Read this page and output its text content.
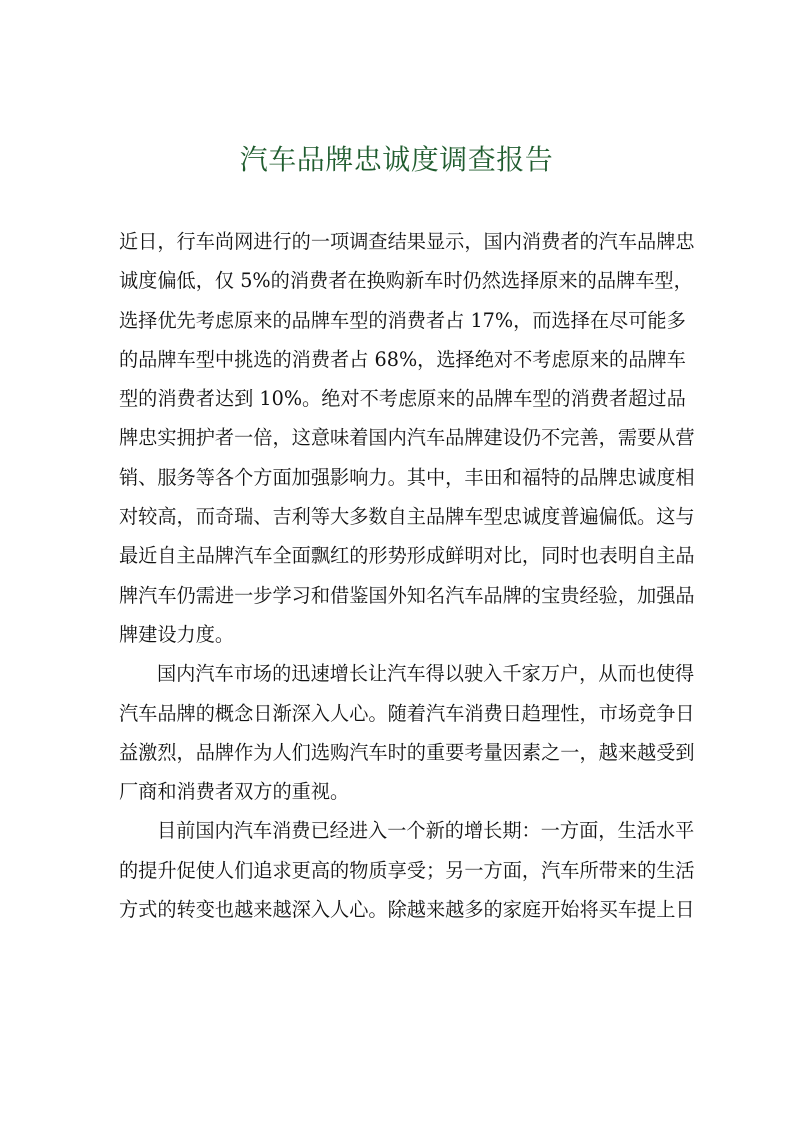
汽车品牌忠诚度调查报告

近日，行车尚网进行的一项调查结果显示，国内消费者的汽车品牌忠
诚度偏低，仅 5%的消费者在换购新车时仍然选择原来的品牌车型，
选择优先考虑原来的品牌车型的消费者占 17%，而选择在尽可能多
的品牌车型中挑选的消费者占 68%，选择绝对不考虑原来的品牌车
型的消费者达到 10%。绝对不考虑原来的品牌车型的消费者超过品
牌忠实拥护者一倍，这意味着国内汽车品牌建设仍不完善，需要从营
销、服务等各个方面加强影响力。其中，丰田和福特的品牌忠诚度相
对较高，而奇瑞、吉利等大多数自主品牌车型忠诚度普遍偏低。这与
最近自主品牌汽车全面飘红的形势形成鲜明对比，同时也表明自主品
牌汽车仍需进一步学习和借鉴国外知名汽车品牌的宝贵经验，加强品
牌建设力度。

国内汽车市场的迅速增长让汽车得以驶入千家万户，从而也使得
汽车品牌的概念日渐深入人心。随着汽车消费日趋理性，市场竞争日
益激烈，品牌作为人们选购汽车时的重要考量因素之一，越来越受到
厂商和消费者双方的重视。

目前国内汽车消费已经进入一个新的增长期：一方面，生活水平
的提升促使人们追求更高的物质享受；另一方面，汽车所带来的生活
方式的转变也越来越深入人心。除越来越多的家庭开始将买车提上日
